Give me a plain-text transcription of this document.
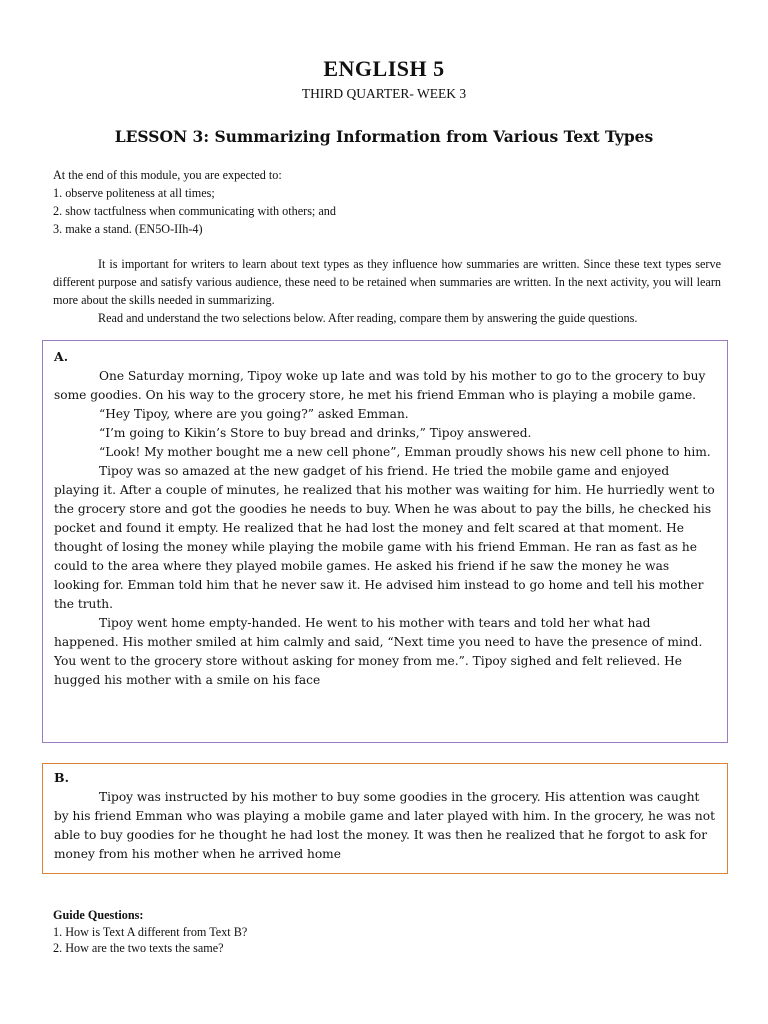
ENGLISH 5
THIRD QUARTER- WEEK 3
LESSON 3: Summarizing Information from Various Text Types
At the end of this module, you are expected to:
1. observe politeness at all times;
2. show tactfulness when communicating with others; and
3. make a stand. (EN5O-IIh-4)

It is important for writers to learn about text types as they influence how summaries are written. Since these text types serve different purpose and satisfy various audience, these need to be retained when summaries are written. In the next activity, you will learn more about the skills needed in summarizing.

Read and understand the two selections below. After reading, compare them by answering the guide questions.

A.

One Saturday morning, Tipoy woke up late and was told by his mother to go to the grocery to buy some goodies. On his way to the grocery store, he met his friend Emman who is playing a mobile game.

“Hey Tipoy, where are you going?” asked Emman.

“I’m going to Kikin’s Store to buy bread and drinks,” Tipoy answered.

“Look! My mother bought me a new cell phone”, Emman proudly shows his new cell phone to him.

Tipoy was so amazed at the new gadget of his friend. He tried the mobile game and enjoyed playing it. After a couple of minutes, he realized that his mother was waiting for him. He hurriedly went to the grocery store and got the goodies he needs to buy. When he was about to pay the bills, he checked his pocket and found it empty. He realized that he had lost the money and felt scared at that moment. He thought of losing the money while playing the mobile game with his friend Emman. He ran as fast as he could to the area where they played mobile games. He asked his friend if he saw the money he was looking for. Emman told him that he never saw it. He advised him instead to go home and tell his mother the truth.

Tipoy went home empty-handed. He went to his mother with tears and told her what had happened. His mother smiled at him calmly and said, “Next time you need to have the presence of mind. You went to the grocery store without asking for money from me.”. Tipoy sighed and felt relieved. He hugged his mother with a smile on his face

B.

Tipoy was instructed by his mother to buy some goodies in the grocery. His attention was caught by his friend Emman who was playing a mobile game and later played with him. In the grocery, he was not able to buy goodies for he thought he had lost the money. It was then he realized that he forgot to ask for money from his mother when he arrived home

Guide Questions:
1. How is Text A different from Text B?
2. How are the two texts the same?
